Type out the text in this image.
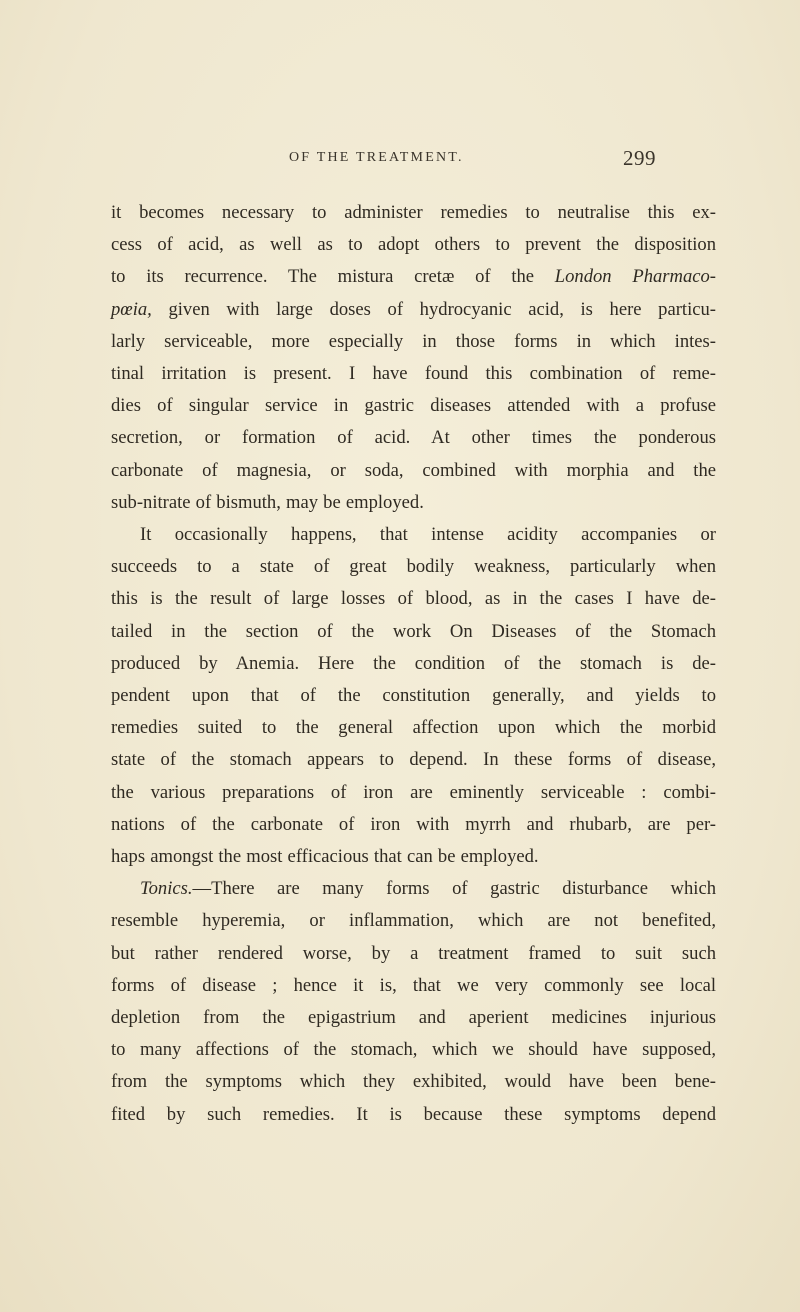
OF THE TREATMENT.	299

it becomes necessary to administer remedies to neutralise this ex-
cess of acid, as well as to adopt others to prevent the disposition
to its recurrence. The mistura cretæ of the London Pharmaco-
pœia, given with large doses of hydrocyanic acid, is here particu-
larly serviceable, more especially in those forms in which intes-
tinal irritation is present. I have found this combination of reme-
dies of singular service in gastric diseases attended with a profuse
secretion, or formation of acid. At other times the ponderous
carbonate of magnesia, or soda, combined with morphia and the
sub-nitrate of bismuth, may be employed.

It occasionally happens, that intense acidity accompanies or
succeeds to a state of great bodily weakness, particularly when
this is the result of large losses of blood, as in the cases I have de-
tailed in the section of the work On Diseases of the Stomach
produced by Anemia. Here the condition of the stomach is de-
pendent upon that of the constitution generally, and yields to
remedies suited to the general affection upon which the morbid
state of the stomach appears to depend. In these forms of disease,
the various preparations of iron are eminently serviceable : combi-
nations of the carbonate of iron with myrrh and rhubarb, are per-
haps amongst the most efficacious that can be employed.

Tonics.—There are many forms of gastric disturbance which
resemble hyperemia, or inflammation, which are not benefited,
but rather rendered worse, by a treatment framed to suit such
forms of disease ; hence it is, that we very commonly see local
depletion from the epigastrium and aperient medicines injurious
to many affections of the stomach, which we should have supposed,
from the symptoms which they exhibited, would have been bene-
fited by such remedies. It is because these symptoms depend
